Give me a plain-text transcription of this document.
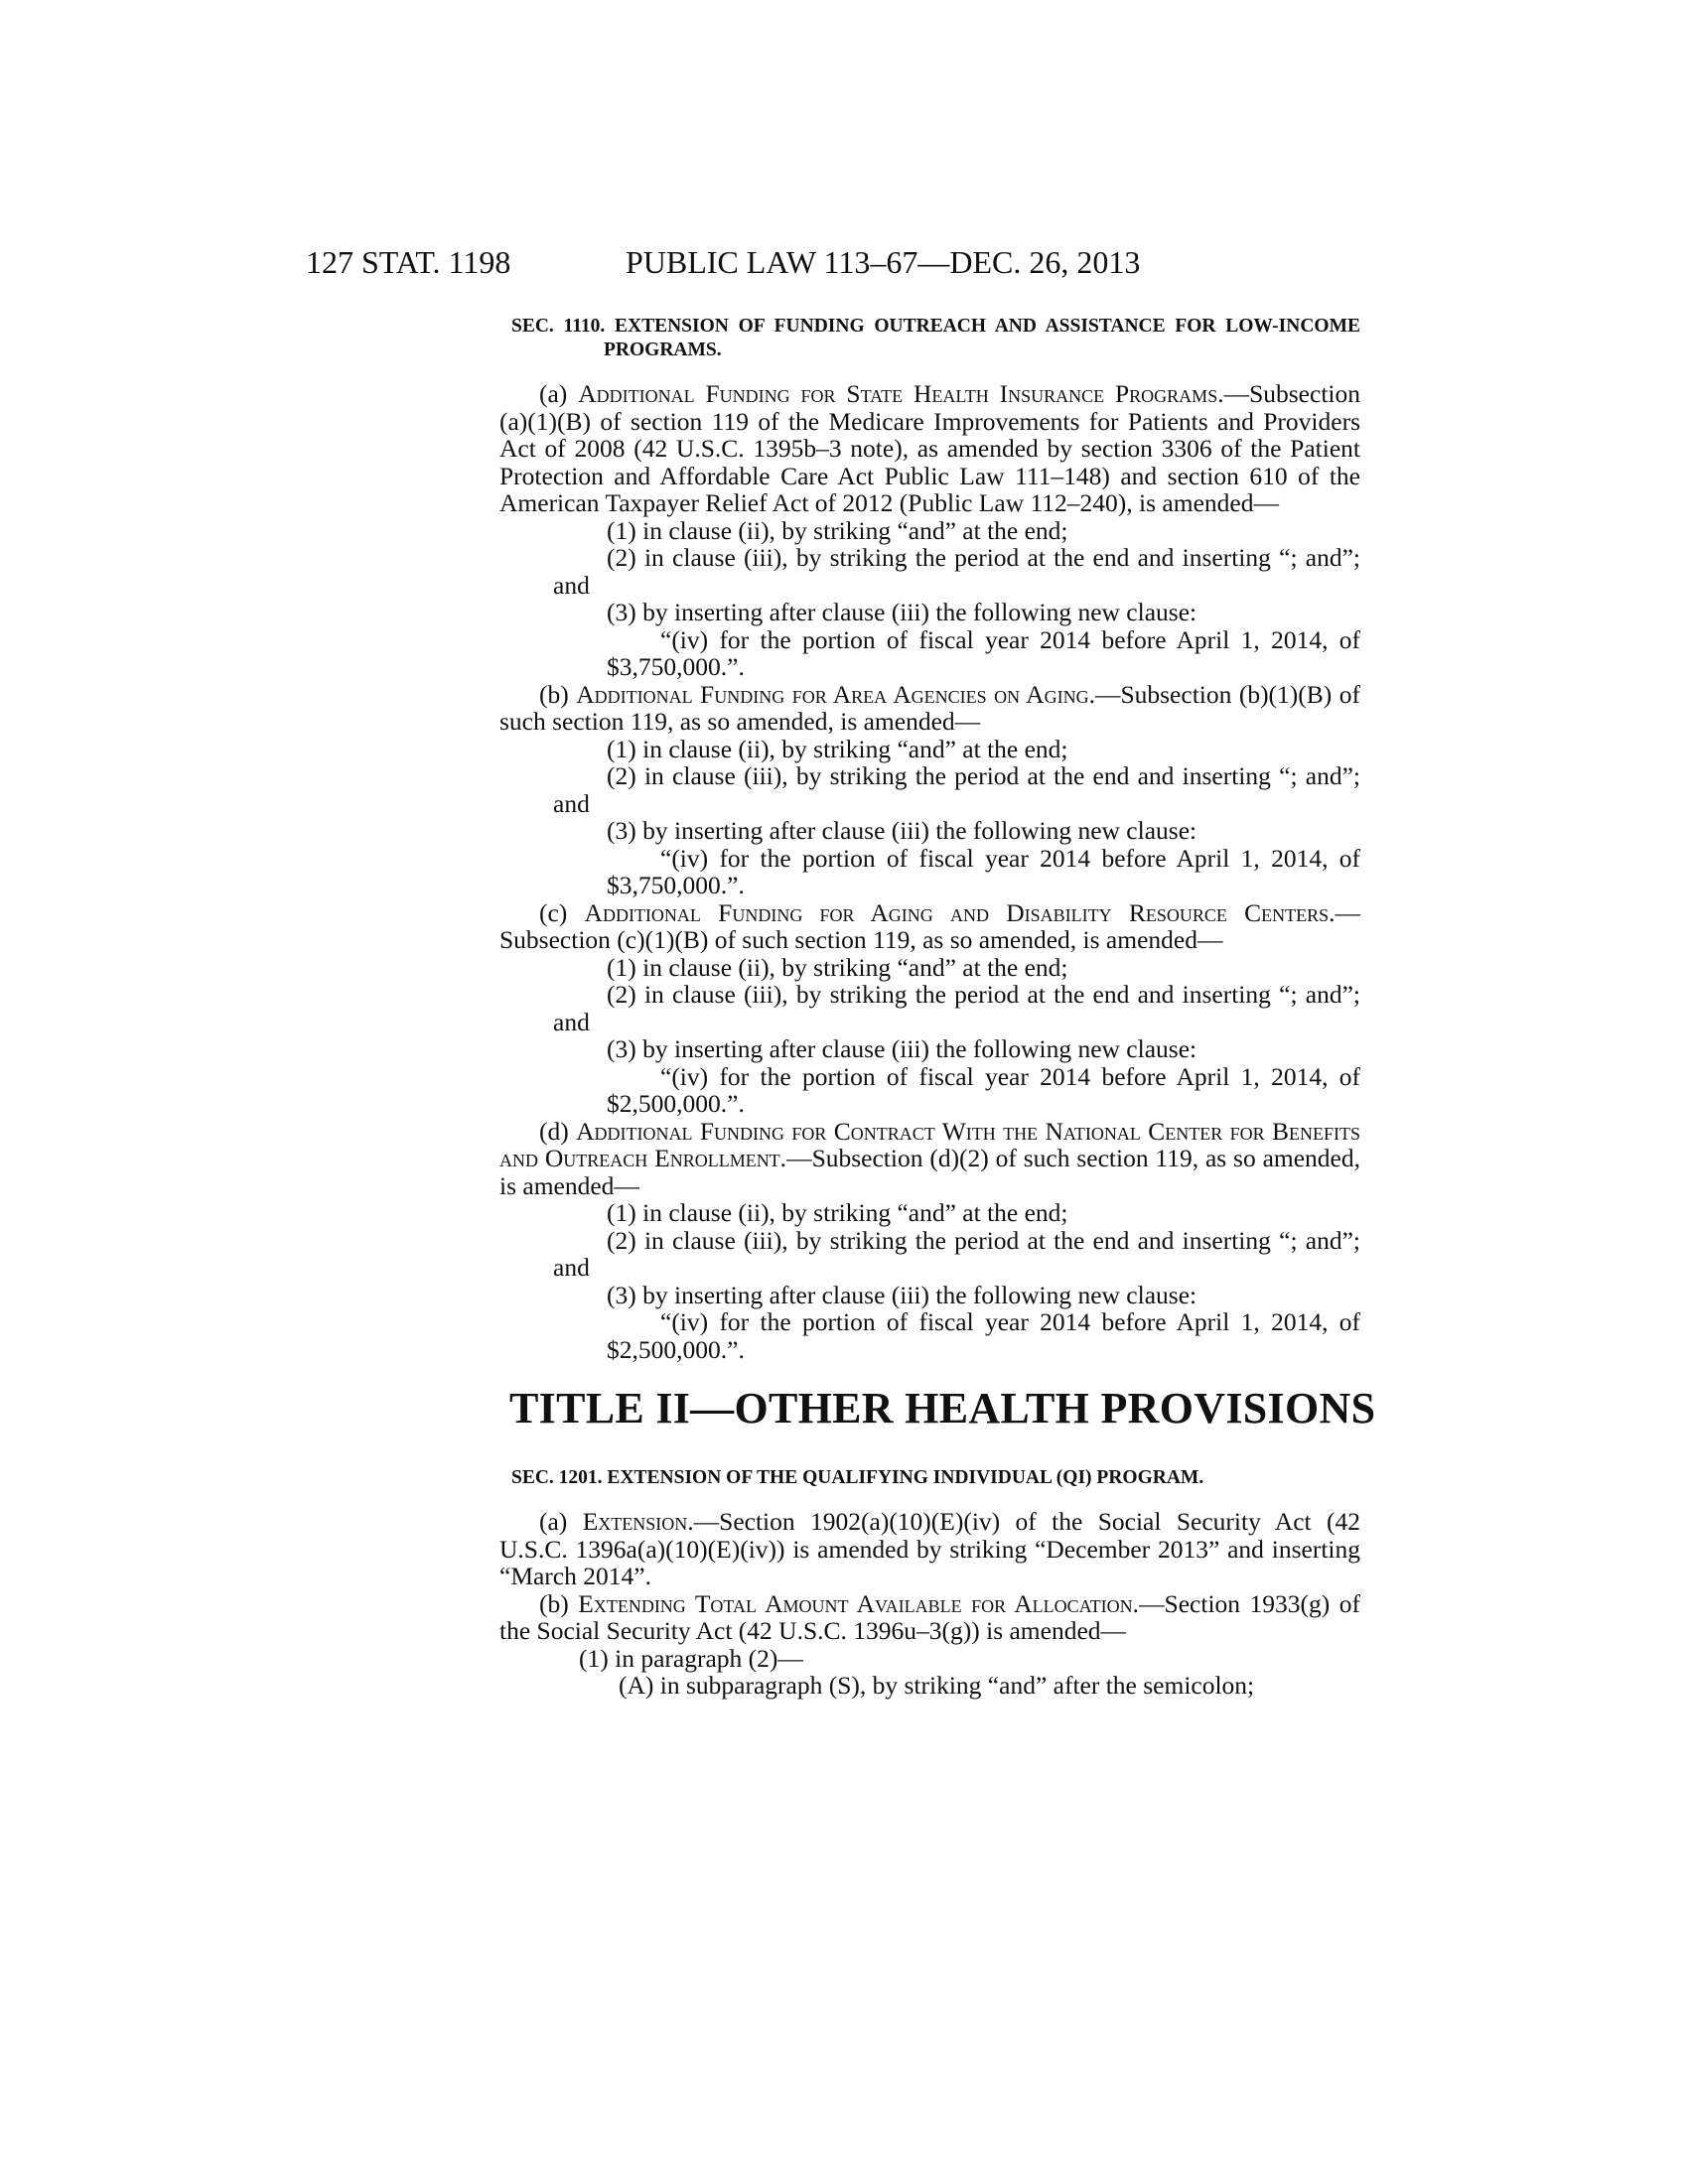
127 STAT. 1198	PUBLIC LAW 113–67—DEC. 26, 2013
SEC. 1110. EXTENSION OF FUNDING OUTREACH AND ASSISTANCE FOR LOW-INCOME PROGRAMS.

(a) Additional Funding for State Health Insurance Programs.—Subsection (a)(1)(B) of section 119 of the Medicare Improvements for Patients and Providers Act of 2008 (42 U.S.C. 1395b–3 note), as amended by section 3306 of the Patient Protection and Affordable Care Act Public Law 111–148) and section 610 of the American Taxpayer Relief Act of 2012 (Public Law 112–240), is amended—

(1) in clause (ii), by striking “and” at the end;

(2) in clause (iii), by striking the period at the end and inserting “; and”; and

(3) by inserting after clause (iii) the following new clause:

“(iv) for the portion of fiscal year 2014 before April 1, 2014, of $3,750,000.”.

(b) Additional Funding for Area Agencies on Aging.—Subsection (b)(1)(B) of such section 119, as so amended, is amended—

(1) in clause (ii), by striking “and” at the end;

(2) in clause (iii), by striking the period at the end and inserting “; and”; and

(3) by inserting after clause (iii) the following new clause:

“(iv) for the portion of fiscal year 2014 before April 1, 2014, of $3,750,000.”.

(c) Additional Funding for Aging and Disability Resource Centers.—Subsection (c)(1)(B) of such section 119, as so amended, is amended—

(1) in clause (ii), by striking “and” at the end;

(2) in clause (iii), by striking the period at the end and inserting “; and”; and

(3) by inserting after clause (iii) the following new clause:

“(iv) for the portion of fiscal year 2014 before April 1, 2014, of $2,500,000.”.

(d) Additional Funding for Contract With the National Center for Benefits and Outreach Enrollment.—Subsection (d)(2) of such section 119, as so amended, is amended—

(1) in clause (ii), by striking “and” at the end;

(2) in clause (iii), by striking the period at the end and inserting “; and”; and

(3) by inserting after clause (iii) the following new clause:

“(iv) for the portion of fiscal year 2014 before April 1, 2014, of $2,500,000.”.

TITLE II—OTHER HEALTH PROVISIONS
SEC. 1201. EXTENSION OF THE QUALIFYING INDIVIDUAL (QI) PROGRAM.

(a) Extension.—Section 1902(a)(10)(E)(iv) of the Social Security Act (42 U.S.C. 1396a(a)(10)(E)(iv)) is amended by striking “December 2013” and inserting “March 2014”.

(b) Extending Total Amount Available for Allocation.—Section 1933(g) of the Social Security Act (42 U.S.C. 1396u–3(g)) is amended—

(1) in paragraph (2)—

(A) in subparagraph (S), by striking “and” after the semicolon;
